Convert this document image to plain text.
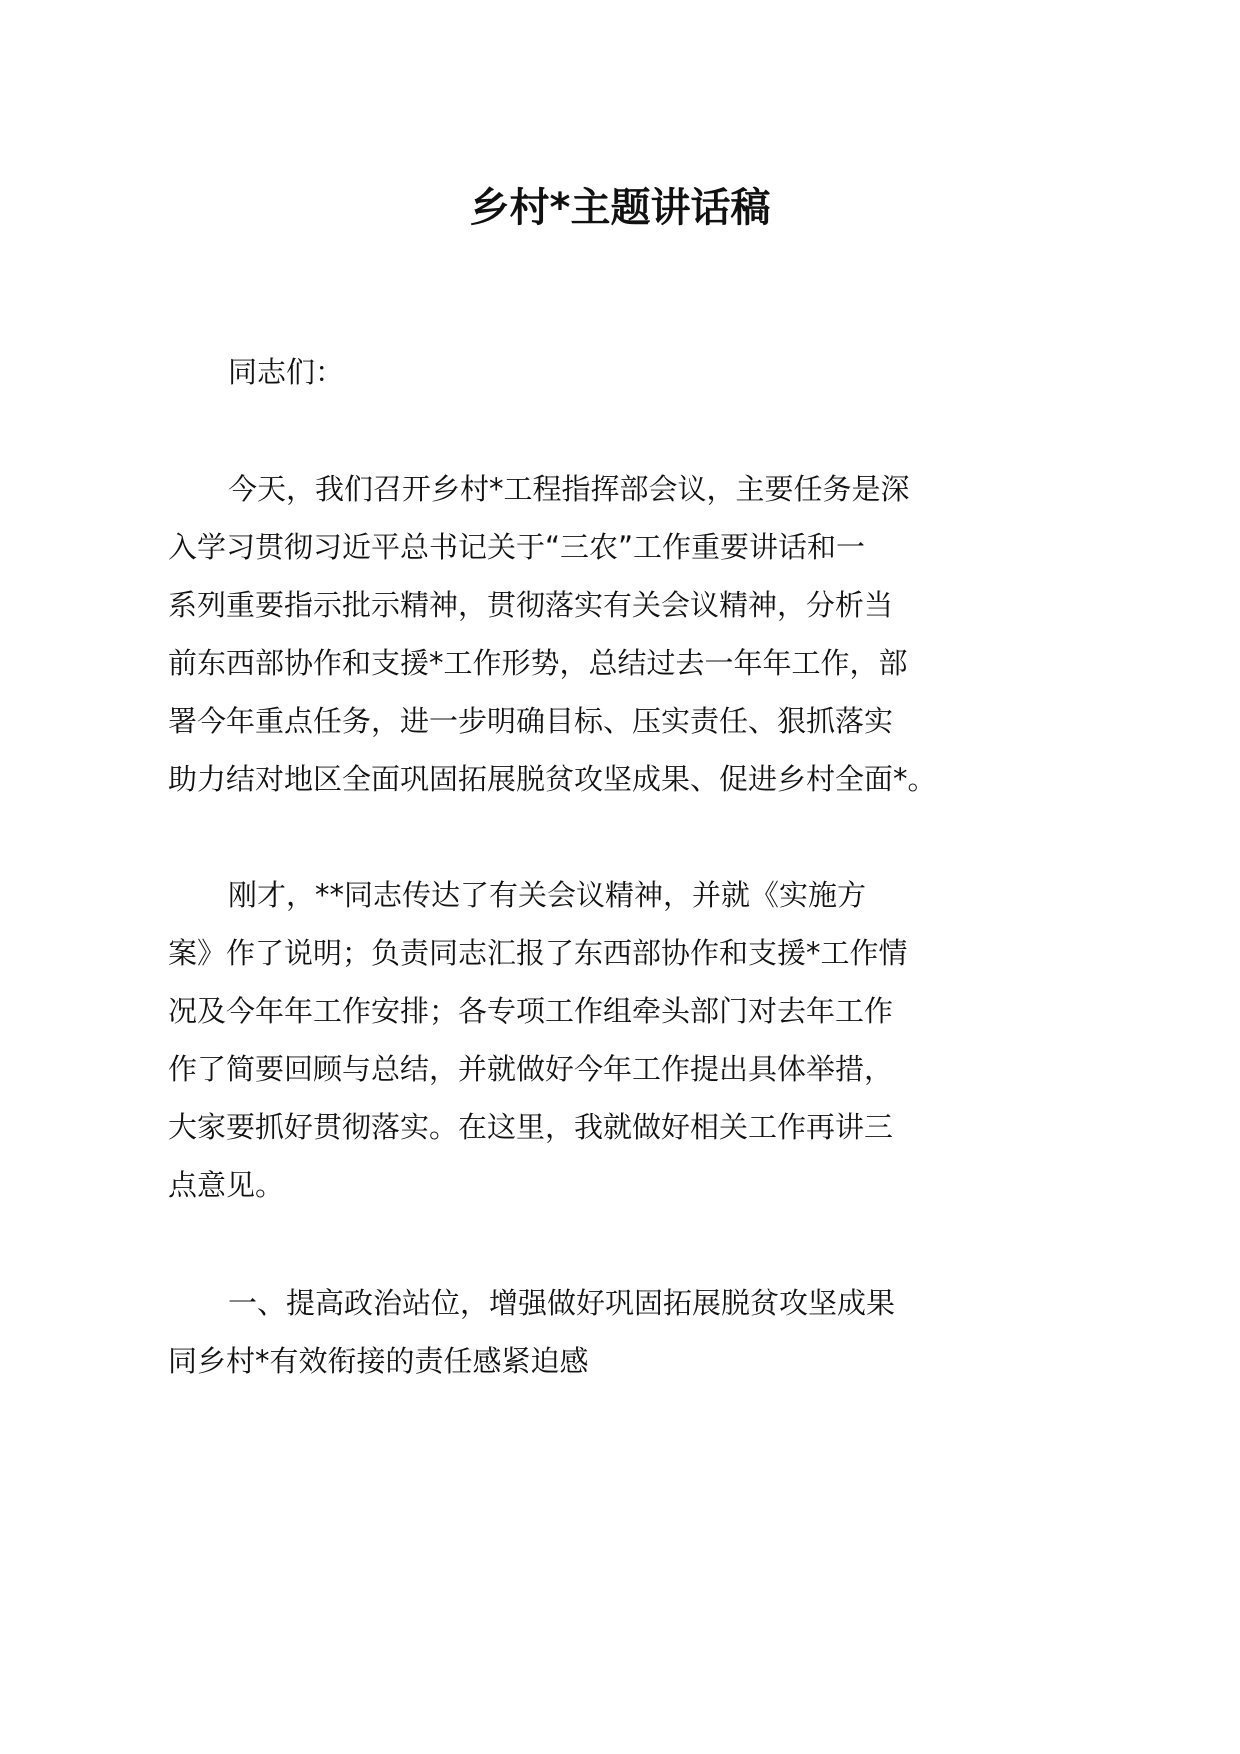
乡村*主题讲话稿
同志们：
今天，我们召开乡村*工程指挥部会议，主要任务是深
入学习贯彻习近平总书记关于“三农”工作重要讲话和一
系列重要指示批示精神，贯彻落实有关会议精神，分析当
前东西部协作和支援*工作形势，总结过去一年年工作，部
署今年重点任务，进一步明确目标、压实责任、狠抓落实
助力结对地区全面巩固拓展脱贫攻坚成果、促进乡村全面*。
刚才，**同志传达了有关会议精神，并就《实施方
案》作了说明；负责同志汇报了东西部协作和支援*工作情
况及今年年工作安排；各专项工作组牵头部门对去年工作
作了简要回顾与总结，并就做好今年工作提出具体举措，
大家要抓好贯彻落实。在这里，我就做好相关工作再讲三
点意见。
一、提高政治站位，增强做好巩固拓展脱贫攻坚成果
同乡村*有效衔接的责任感紧迫感
